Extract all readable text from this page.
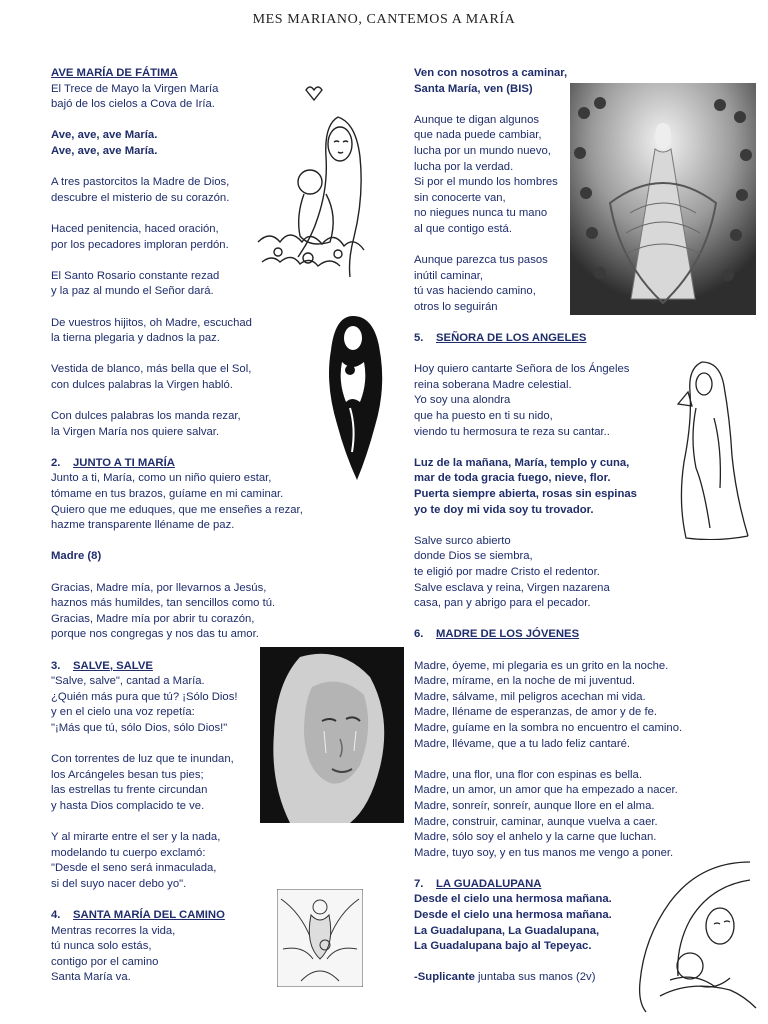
MES MARIANO, CANTEMOS A MARÍA
AVE MARÍA DE FÁTIMA
El Trece de Mayo la Virgen María
bajó de los cielos a Cova de Iría.
Ave, ave, ave María.
Ave, ave, ave María.
A tres pastorcitos la Madre de Dios,
descubre el misterio de su corazón.
Haced penitencia, haced oración,
por los pecadores imploran perdón.
El Santo Rosario constante rezad
y la paz al mundo el Señor dará.
De vuestros hijitos, oh Madre, escuchad
la tierna plegaria y dadnos la paz.
Vestida de blanco, más bella que el Sol,
con dulces palabras la Virgen habló.
Con dulces palabras los manda rezar,
la Virgen María nos quiere salvar.
2. JUNTO A TI MARÍA
Junto a ti, María, como un niño quiero estar,
tómame en tus brazos, guíame en mi caminar.
Quiero que me eduques, que me enseñes a rezar,
hazme transparente lléname de paz.
Madre (8)
Gracias, Madre mía, por llevarnos a Jesús,
haznos más humildes, tan sencillos como tú.
Gracias, Madre mía por abrir tu corazón,
porque nos congregas y nos das tu amor.
3. SALVE, SALVE
"Salve, salve", cantad a María.
¿Quién más pura que tú? ¡Sólo Dios!
y en el cielo una voz repetía:
"¡Más que tú, sólo Dios, sólo Dios!"
Con torrentes de luz que te inundan,
los Arcángeles besan tus pies;
las estrellas tu frente circundan
y hasta Dios complacido te ve.
Y al mirarte entre el ser y la nada,
modelando tu cuerpo exclamó:
"Desde el seno será inmaculada,
si del suyo nacer debo yo".
4. SANTA MARÍA DEL CAMINO
Mentras recorres la vida,
tú nunca solo estás,
contigo por el camino
Santa María va.
Ven con nosotros a caminar,
Santa María, ven (BIS)
Aunque te digan algunos
que nada puede cambiar,
lucha por un mundo nuevo,
lucha por la verdad.
Si por el mundo los hombres
sin conocerte van,
no niegues nunca tu mano
al que contigo está.
Aunque parezca tus pasos
inútil caminar,
tú vas haciendo camino,
otros lo seguirán
5. SEÑORA DE LOS ANGELES
Hoy quiero cantarte Señora de los Ángeles
reina soberana Madre celestial.
Yo soy una alondra
que ha puesto en ti su nido,
viendo tu hermosura te reza su cantar..
Luz de la mañana, María, templo y cuna,
mar de toda gracia fuego, nieve, flor.
Puerta siempre abierta, rosas sin espinas
yo te doy mi vida soy tu trovador.
Salve surco abierto
donde Dios se siembra,
te eligió por madre Cristo el redentor.
Salve esclava y reina, Virgen nazarena
casa, pan y abrigo para el pecador.
6. MADRE DE LOS JÓVENES
Madre, óyeme, mi plegaria es un grito en la noche.
Madre, mírame, en la noche de mi juventud.
Madre, sálvame, mil peligros acechan mi vida.
Madre, lléname de esperanzas, de amor y de fe.
Madre, guíame en la sombra no encuentro el camino.
Madre, llévame, que a tu lado feliz cantaré.
Madre, una flor, una flor con espinas es bella.
Madre, un amor, un amor que ha empezado a nacer.
Madre, sonreír, sonreír, aunque llore en el alma.
Madre, construir, caminar, aunque vuelva a caer.
Madre, sólo soy el anhelo y la carne que luchan.
Madre, tuyo soy, y en tus manos me vengo a poner.
7. LA GUADALUPANA
Desde el cielo una hermosa mañana.
Desde el cielo una hermosa mañana.
La Guadalupana, La Guadalupana,
La Guadalupana bajo al Tepeyac.
-Suplicante juntaba sus manos (2v)
